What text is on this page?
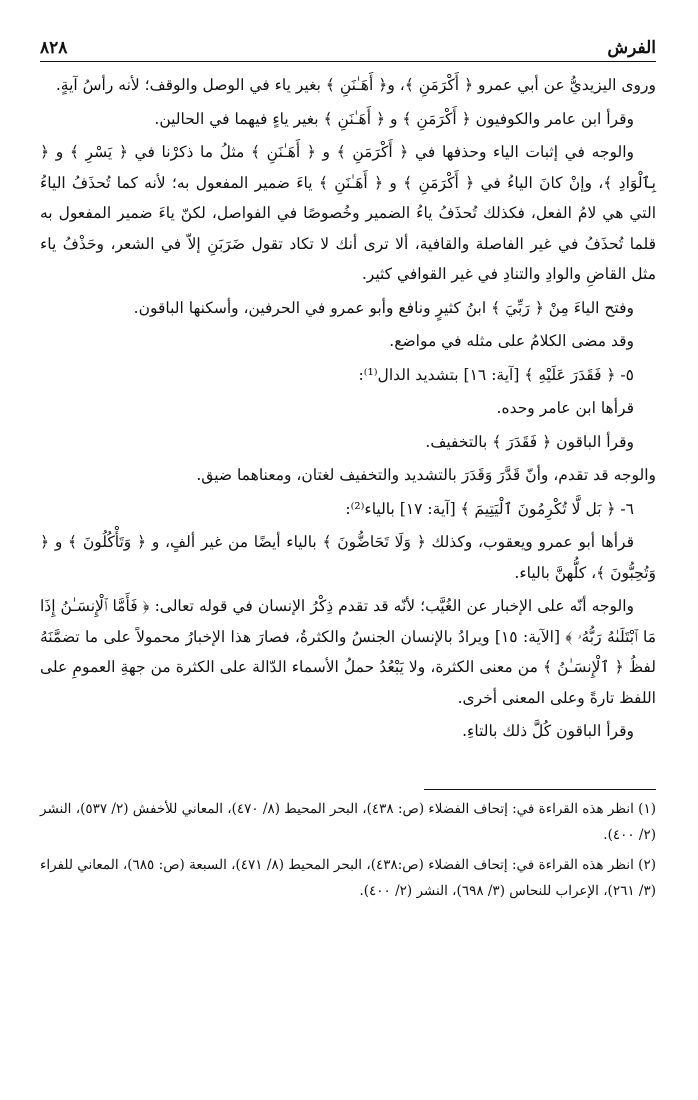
الفرش
٨٢٨

وروى اليزيديُّ عن أبي عمرو ﴿ أَكْرَمَنِ ﴾، و﴿ أَهَـٰنَنِ ﴾ بغير ياء في الوصل والوقف؛ لأنه رأسُ آيةٍ.

وقرأ ابن عامر والكوفيون ﴿ أَكْرَمَنِ ﴾ و ﴿ أَهَـٰنَنِ ﴾ بغير ياءٍ فيهما في الحالين.

والوجه في إثبات الياء وحذفها في ﴿ أَكْرَمَنِ ﴾ و ﴿ أَهَـٰنَنِ ﴾ مثلُ ما ذكرْنا في ﴿ يَسْرِ ﴾ و ﴿ بِٱلْوَادِ ﴾، وإنْ كانَ الياءُ في ﴿ أَكْرَمَنِ ﴾ و ﴿ أَهَـٰنَنِ ﴾ ياءَ ضمير المفعول به؛ لأنه كما تُحذَفُ الياءُ التي هي لامُ الفعل، فكذلك تُحذَفُ ياءُ الضمير وخُصوصًا في الفواصل، لكنّ ياءَ ضمير المفعول به قلما تُحذَفُ في غير الفاصلة والقافية، ألا ترى أنك لا تكاد تقول ضَرَبَنِ إلاّ في الشعر، وحَذْفُ ياء مثل القاضِ والوادِ والتنادِ في غير القوافي كثير.

وفتح الياءَ مِنْ ﴿ رَبِّيَ ﴾ ابنُ كثيرٍ ونافع وأبو عمرو في الحرفين، وأسكنها الباقون.

وقد مضى الكلامُ على مثله في مواضع.

٥- ﴿ فَقَدَرَ عَلَيْهِ ﴾ [آية: ١٦] بتشديد الدال⁽¹⁾:

قرأها ابن عامر وحده.

وقرأ الباقون ﴿ فَقَدَرَ ﴾ بالتخفيف.

والوجه قد تقدم، وأنّ قَدَّرَ وَقَدَرَ بالتشديد والتخفيف لغتان، ومعناهما ضيق.

٦- ﴿ بَل لَّا تُكْرِمُونَ ٱلْيَتِيمَ ﴾ [آية: ١٧] بالياء⁽²⁾:

قرأها أبو عمرو ويعقوب، وكذلك ﴿ وَلَا تَحَاضُّونَ ﴾ بالياء أيضًا من غير ألفٍ، و ﴿ وَتَأْكُلُونَ ﴾ و ﴿ وَتُحِبُّونَ ﴾، كلُّهنَّ بالياء.

والوجه أنّه على الإخبار عن الغُيَّب؛ لأنّه قد تقدم ذِكْرُ الإنسان في قوله تعالى: ﴿ فَأَمَّا ٱلْإِنسَـٰنُ إِذَا مَا ٱبْتَلَىٰهُ رَبُّهُۥ ﴾ [الآية: ١٥] ويرادُ بالإنسان الجنسُ والكثرةُ، فصارَ هذا الإخبارُ محمولاً على ما تضمَّنَهُ لفظُ ﴿ ٱلْإِنسَـٰنُ ﴾ من معنى الكثرة، ولا يَبْعُدُ حملُ الأسماء الدّالة على الكثرة من جهةِ العمومِ على اللفظ تارةً وعلى المعنى أخرى.

وقرأ الباقون كُلَّ ذلك بالتاءِ.

(١) انظر هذه القراءة في: إتحاف الفضلاء (ص: ٤٣٨)، البحر المحيط (٨/ ٤٧٠)، المعاني للأخفش (٢/ ٥٣٧)، النشر (٢/ ٤٠٠).

(٢) انظر هذه القراءة في: إتحاف الفضلاء (ص:٤٣٨)، البحر المحيط (٨/ ٤٧١)، السبعة (ص: ٦٨٥)، المعاني للفراء (٣/ ٢٦١)، الإعراب للنحاس (٣/ ٦٩٨)، النشر (٢/ ٤٠٠).
